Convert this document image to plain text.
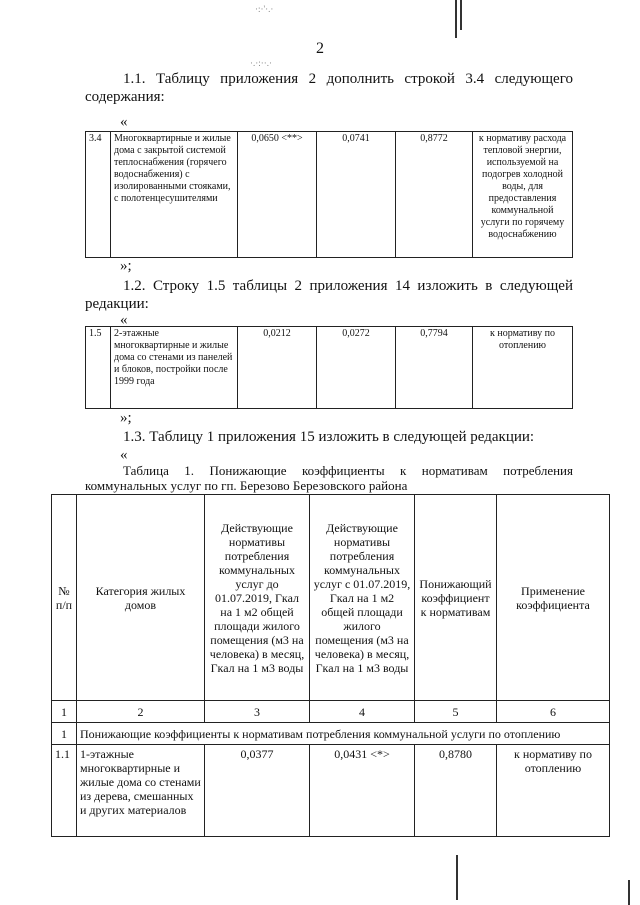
·:·'·.·
·.·:··.·
2

1.1. Таблицу приложения 2 дополнить строкой 3.4 следующего содержания:

«
3.4	Многоквартирные и жилые дома с закрытой системой теплоснабжения (горячего водоснабжения) с изолированными стояками, с полотенцесушителями	0,0650 <**>	0,0741	0,8772	к нормативу расхода тепловой энергии, используемой на подогрев холодной воды, для предоставления коммунальной услуги по горячему водоснабжению
»;

1.2. Строку 1.5 таблицы 2 приложения 14 изложить в следующей редакции:

«
1.5	2-этажные многоквартирные и жилые дома со стенами из панелей и блоков, постройки после 1999 года	0,0212	0,0272	0,7794	к нормативу по отоплению
»;

1.3. Таблицу 1 приложения 15 изложить в следующей редакции:

«

Таблица 1. Понижающие коэффициенты к нормативам потребления коммунальных услуг по гп. Березово Березовского района

№ п/п	Категория жилых домов	Действующие нормативы потребления коммунальных услуг до 01.07.2019, Гкал на 1 м2 общей площади жилого помещения (м3 на человека) в месяц, Гкал на 1 м3 воды	Действующие нормативы потребления коммунальных услуг с 01.07.2019, Гкал на 1 м2 общей площади жилого помещения (м3 на человека) в месяц, Гкал на 1 м3 воды	Понижающий коэффициент к нормативам	Применение коэффициента
1	2	3	4	5	6
1	Понижающие коэффициенты к нормативам потребления коммунальной услуги по отоплению				
1.1	1-этажные многоквартирные и жилые дома со стенами из дерева, смешанных и других материалов	0,0377	0,0431 <*>	0,8780	к нормативу по отоплению
